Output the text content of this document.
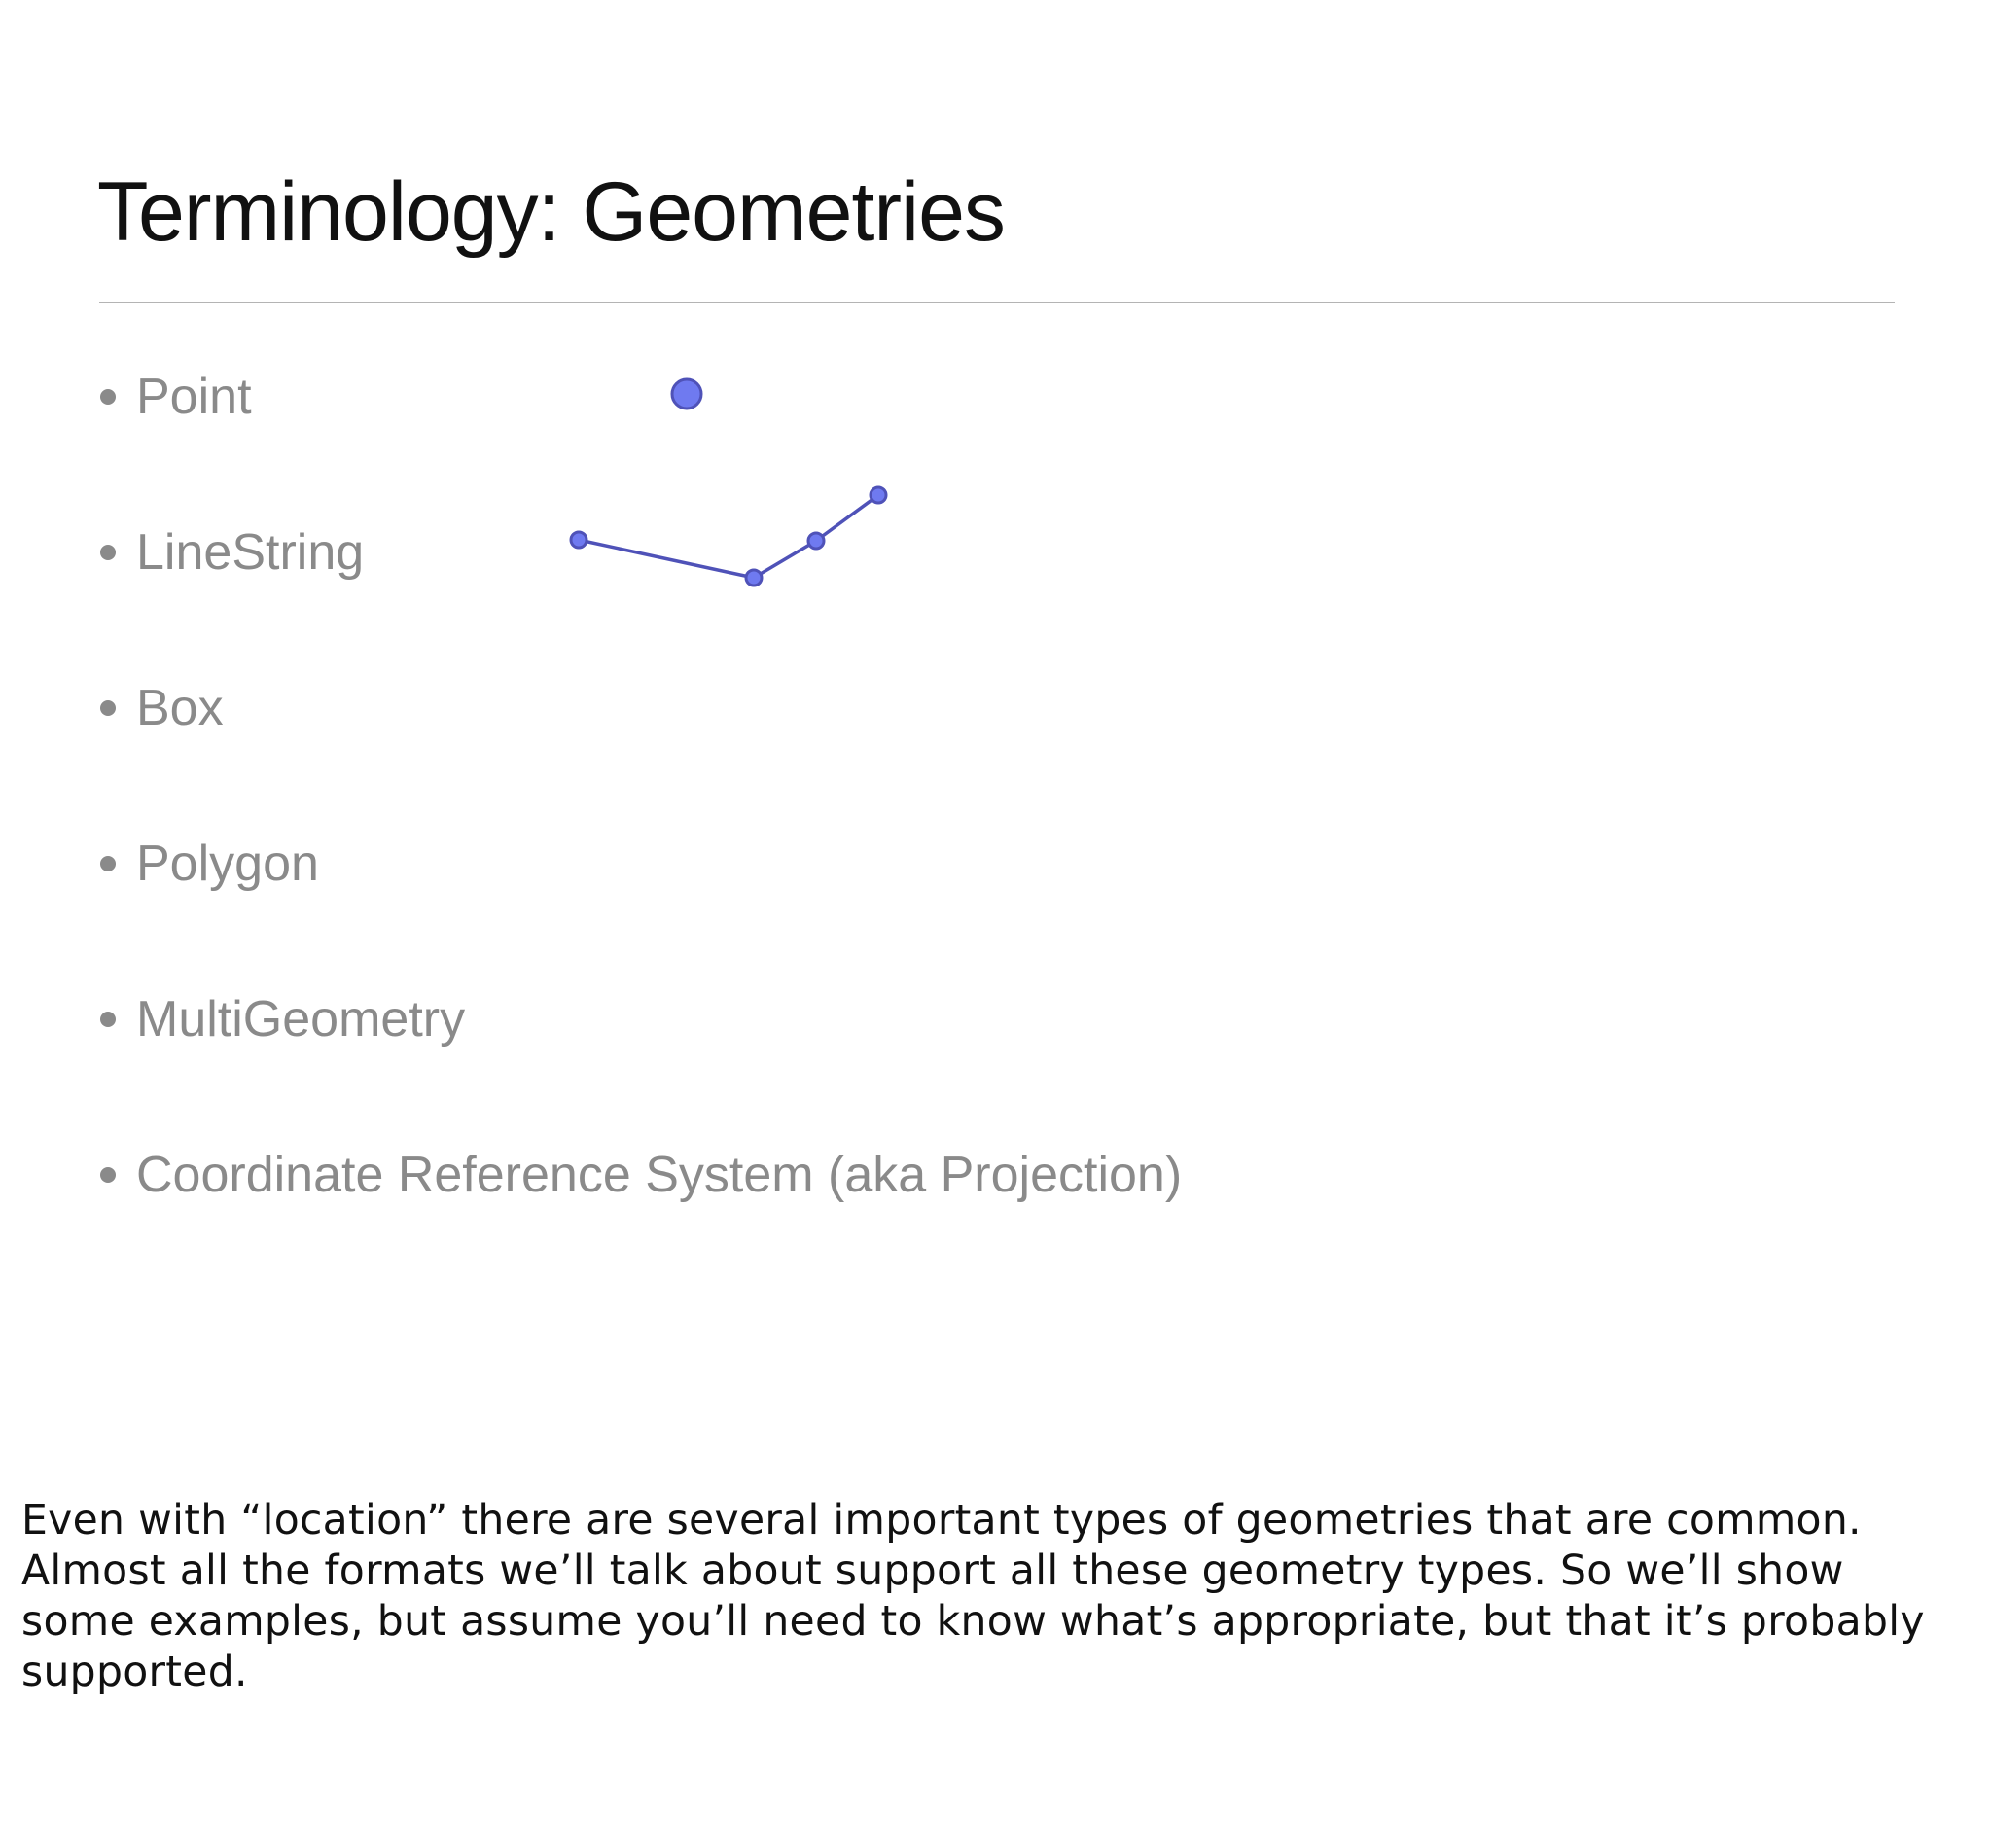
Terminology: Geometries
Point
LineString
Box
Polygon
MultiGeometry
Coordinate Reference System (aka Projection)

Even with “location” there are several important types of geometries that are common. Almost all the formats we’ll talk about support all these geometry types. So we’ll show some examples, but assume you’ll need to know what’s appropriate, but that it’s probably supported.
